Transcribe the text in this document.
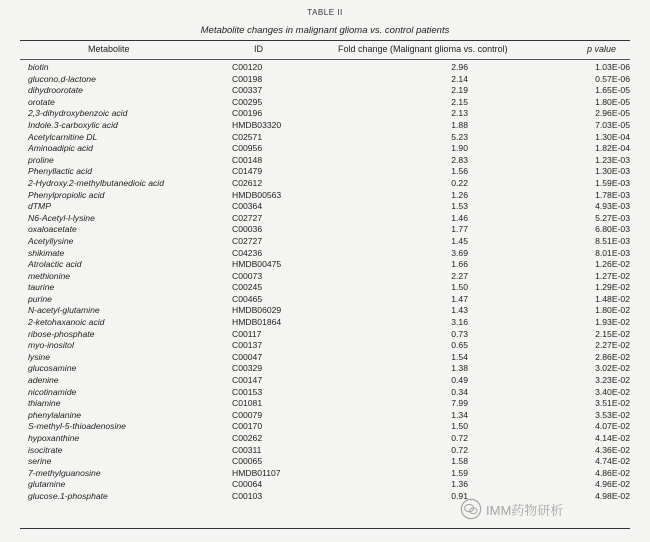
TABLE II
Metabolite changes in malignant glioma vs. control patients
Metabolite	ID	Fold change (Malignant glioma vs. control)	p value
biotin	C00120	2.96	1.03E-06
glucono.d-lactone	C00198	2.14	0.57E-06
dihydroorotate	C00337	2.19	1.65E-05
orotate	C00295	2.15	1.80E-05
2,3-dihydroxybenzoic acid	C00196	2.13	2.96E-05
Indole.3-carboxylic acid	HMDB03320	1.88	7.03E-05
Acetylcarnitine DL	C02571	5.23	1.30E-04
Aminoadipic acid	C00956	1.90	1.82E-04
proline	C00148	2.83	1.23E-03
Phenyllactic acid	C01479	1.56	1.30E-03
2-Hydroxy.2-methylbutanedioic acid	C02612	0.22	1.59E-03
Phenylpropiolic acid	HMDB00563	1.26	1.78E-03
dTMP	C00364	1.53	4.93E-03
N6-Acetyl-l-lysine	C02727	1.46	5.27E-03
oxaloacetate	C00036	1.77	6.80E-03
Acetyllysine	C02727	1.45	8.51E-03
shikimate	C04236	3.69	8.01E-03
Atrolactic acid	HMDB00475	1.66	1.26E-02
methionine	C00073	2.27	1.27E-02
taurine	C00245	1.50	1.29E-02
purine	C00465	1.47	1.48E-02
N-acetyl-glutamine	HMDB06029	1.43	1.80E-02
2-ketohaxanoic acid	HMDB01864	3.16	1.93E-02
ribose-phosphate	C00117	0.73	2.15E-02
myo-inositol	C00137	0.65	2.27E-02
lysine	C00047	1.54	2.86E-02
glucosamine	C00329	1.38	3.02E-02
adenine	C00147	0.49	3.23E-02
nicotinamide	C00153	0.34	3.40E-02
thiamine	C01081	7.99	3.51E-02
phenylalanine	C00079	1.34	3.53E-02
S-methyl-5-thioadenosine	C00170	1.50	4.07E-02
hypoxanthine	C00262	0.72	4.14E-02
isocitrate	C00311	0.72	4.36E-02
serine	C00065	1.58	4.74E-02
7-methylguanosine	HMDB01107	1.59	4.86E-02
glutamine	C00064	1.36	4.96E-02
glucose.1-phosphate	C00103	0.91	4.98E-02
IMM药物研析
